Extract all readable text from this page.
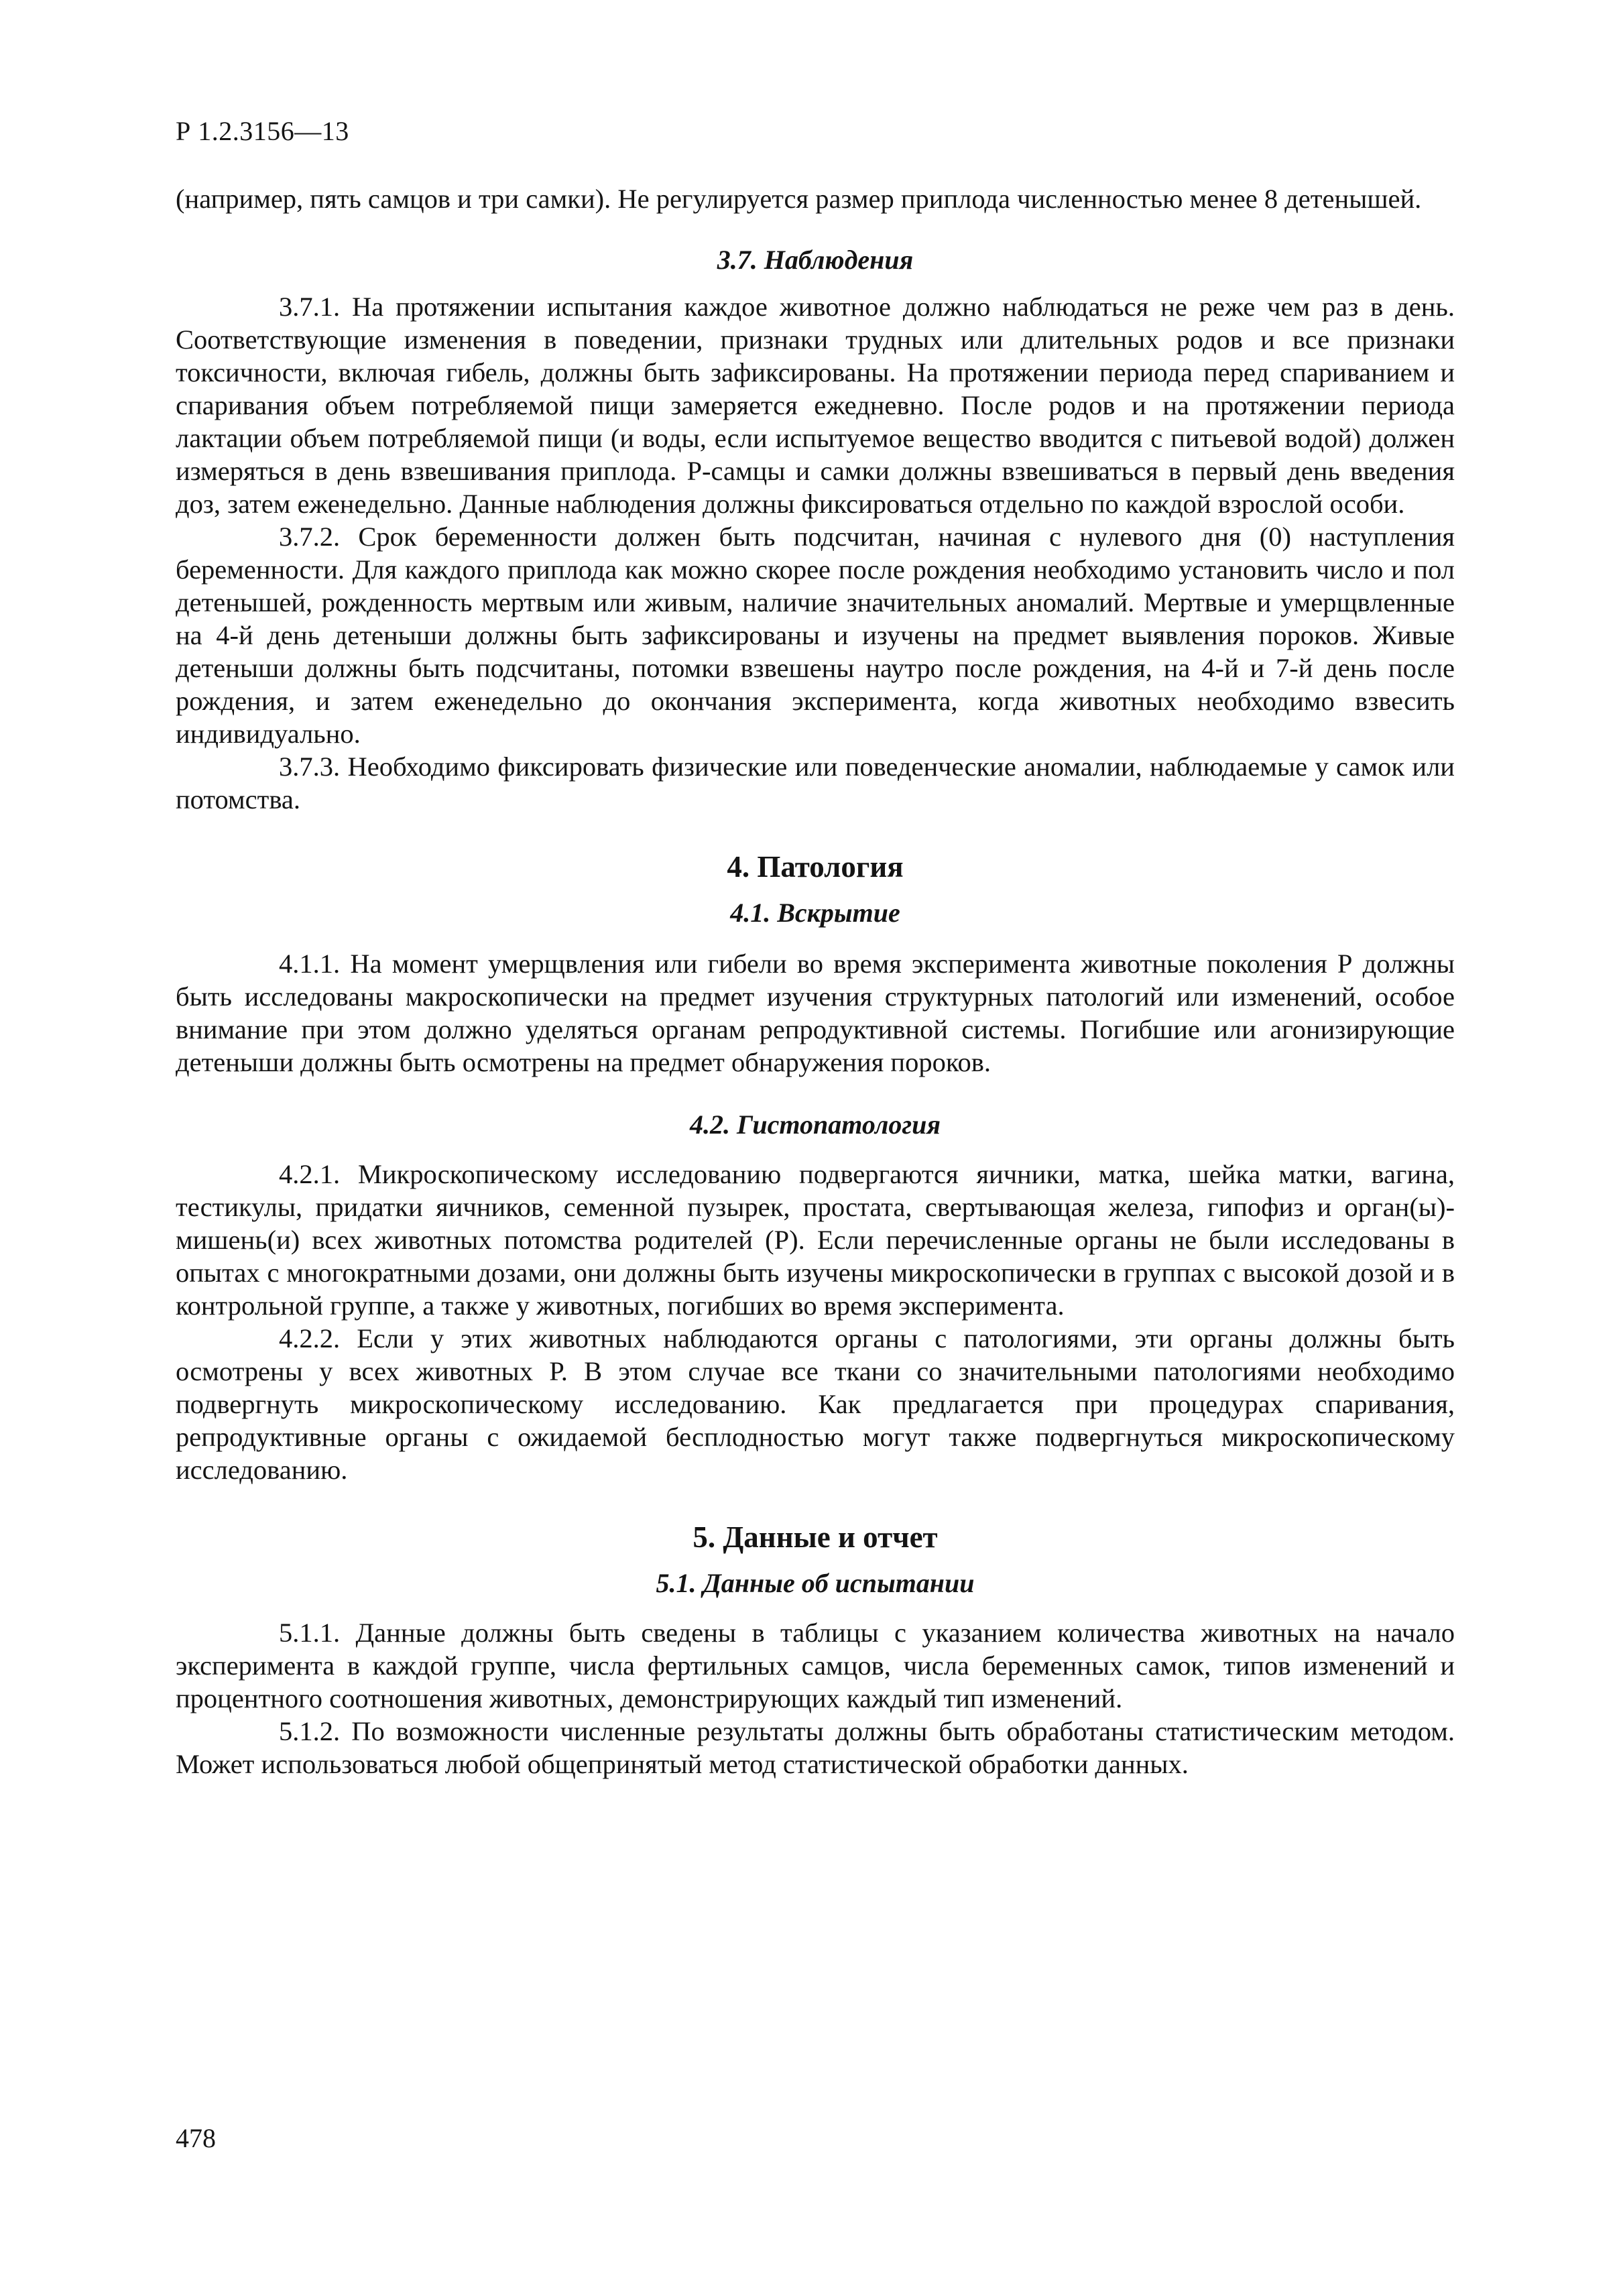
Р 1.2.3156—13

(например, пять самцов и три самки). Не регулируется размер приплода численностью менее 8 детенышей.

3.7. Наблюдения

3.7.1. На протяжении испытания каждое животное должно наблюдаться не реже чем раз в день. Соответствующие изменения в поведении, признаки трудных или длительных родов и все признаки токсичности, включая гибель, должны быть зафиксированы. На протяжении периода перед спариванием и спаривания объем потребляемой пищи замеряется ежедневно. После родов и на протяжении периода лактации объем потребляемой пищи (и воды, если испытуемое вещество вводится с питьевой водой) должен измеряться в день взвешивания приплода. Р-самцы и самки должны взвешиваться в первый день введения доз, затем еженедельно. Данные наблюдения должны фиксироваться отдельно по каждой взрослой особи.

3.7.2. Срок беременности должен быть подсчитан, начиная с нулевого дня (0) наступления беременности. Для каждого приплода как можно скорее после рождения необходимо установить число и пол детенышей, рожденность мертвым или живым, наличие значительных аномалий. Мертвые и умерщвленные на 4-й день детеныши должны быть зафиксированы и изучены на предмет выявления пороков. Живые детеныши должны быть подсчитаны, потомки взвешены наутро после рождения, на 4-й и 7-й день после рождения, и затем еженедельно до окончания эксперимента, когда животных необходимо взвесить индивидуально.

3.7.3. Необходимо фиксировать физические или поведенческие аномалии, наблюдаемые у самок или потомства.

4. Патология
4.1. Вскрытие

4.1.1. На момент умерщвления или гибели во время эксперимента животные поколения Р должны быть исследованы макроскопически на предмет изучения структурных патологий или изменений, особое внимание при этом должно уделяться органам репродуктивной системы. Погибшие или агонизирующие детеныши должны быть осмотрены на предмет обнаружения пороков.

4.2. Гистопатология

4.2.1. Микроскопическому исследованию подвергаются яичники, матка, шейка матки, вагина, тестикулы, придатки яичников, семенной пузырек, простата, свертывающая железа, гипофиз и орган(ы)-мишень(и) всех животных потомства родителей (Р). Если перечисленные органы не были исследованы в опытах с многократными дозами, они должны быть изучены микроскопически в группах с высокой дозой и в контрольной группе, а также у животных, погибших во время эксперимента.

4.2.2. Если у этих животных наблюдаются органы с патологиями, эти органы должны быть осмотрены у всех животных Р. В этом случае все ткани со значительными патологиями необходимо подвергнуть микроскопическому исследованию. Как предлагается при процедурах спаривания, репродуктивные органы с ожидаемой бесплодностью могут также подвергнуться микроскопическому исследованию.

5. Данные и отчет
5.1. Данные об испытании

5.1.1. Данные должны быть сведены в таблицы с указанием количества животных на начало эксперимента в каждой группе, числа фертильных самцов, числа беременных самок, типов изменений и процентного соотношения животных, демонстрирующих каждый тип изменений.

5.1.2. По возможности численные результаты должны быть обработаны статистическим методом. Может использоваться любой общепринятый метод статистической обработки данных.

478
